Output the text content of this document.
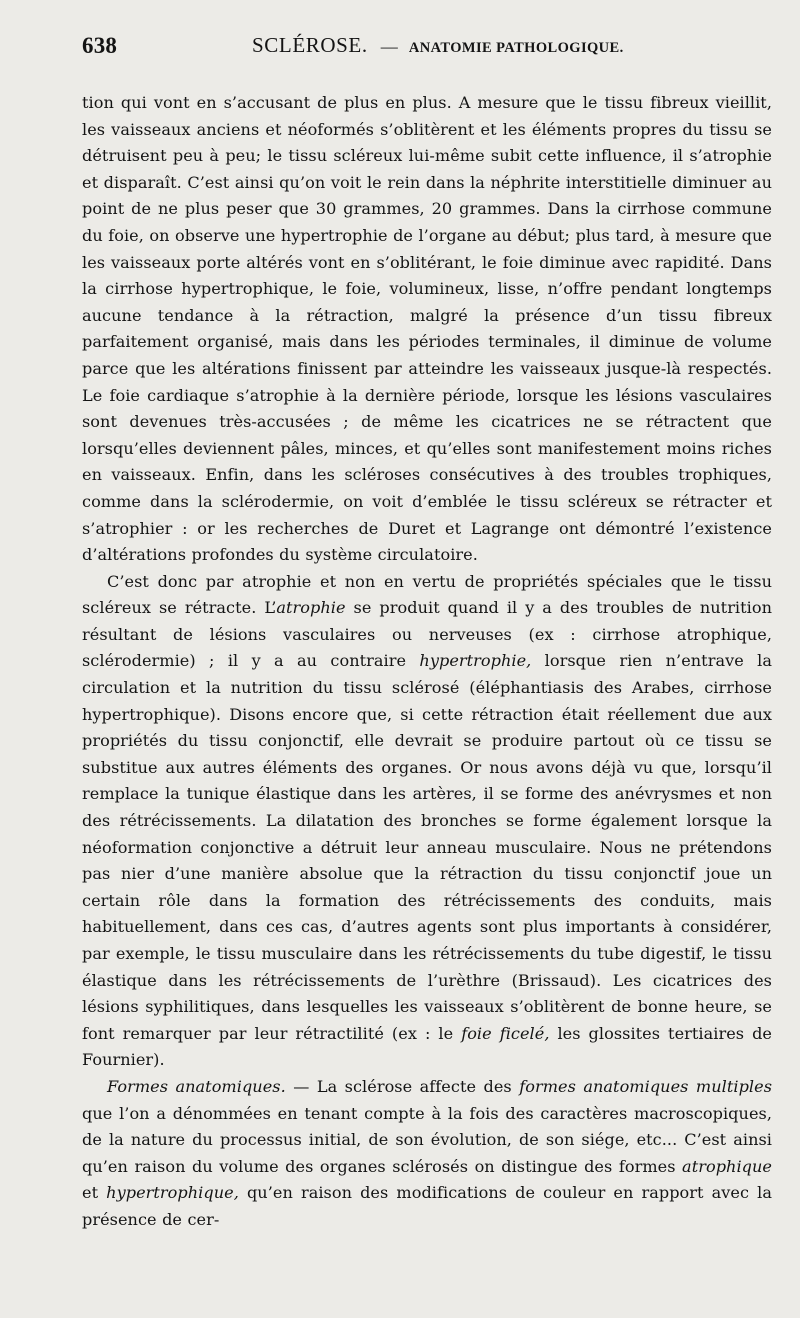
638	SCLÉROSE. — ANATOMIE PATHOLOGIQUE.

tion qui vont en s’accusant de plus en plus. A mesure que le tissu fibreux vieillit, les vaisseaux anciens et néoformés s’oblitèrent et les éléments propres du tissu se détruisent peu à peu; le tissu scléreux lui-même subit cette influence, il s’atrophie et disparaît. C’est ainsi qu’on voit le rein dans la néphrite interstitielle diminuer au point de ne plus peser que 30 grammes, 20 grammes. Dans la cirrhose commune du foie, on observe une hypertrophie de l’organe au début; plus tard, à mesure que les vaisseaux porte altérés vont en s’oblitérant, le foie diminue avec rapidité. Dans la cirrhose hypertrophique, le foie, volumineux, lisse, n’offre pendant longtemps aucune tendance à la rétraction, malgré la présence d’un tissu fibreux parfaitement organisé, mais dans les périodes terminales, il diminue de volume parce que les altérations finissent par atteindre les vaisseaux jusque-là respectés. Le foie cardiaque s’atrophie à la dernière période, lorsque les lésions vasculaires sont devenues très-accusées ; de même les cicatrices ne se rétractent que lorsqu’elles deviennent pâles, minces, et qu’elles sont manifestement moins riches en vaisseaux. Enfin, dans les scléroses consécutives à des troubles trophiques, comme dans la sclérodermie, on voit d’emblée le tissu scléreux se rétracter et s’atrophier : or les recherches de Duret et Lagrange ont démontré l’existence d’altérations profondes du système circulatoire.

C’est donc par atrophie et non en vertu de propriétés spéciales que le tissu scléreux se rétracte. L’atrophie se produit quand il y a des troubles de nutrition résultant de lésions vasculaires ou nerveuses (ex : cirrhose atrophique, sclérodermie) ; il y a au contraire hypertrophie, lorsque rien n’entrave la circulation et la nutrition du tissu sclérosé (éléphantiasis des Arabes, cirrhose hypertrophique). Disons encore que, si cette rétraction était réellement due aux propriétés du tissu conjonctif, elle devrait se produire partout où ce tissu se substitue aux autres éléments des organes. Or nous avons déjà vu que, lorsqu’il remplace la tunique élastique dans les artères, il se forme des anévrysmes et non des rétrécissements. La dilatation des bronches se forme également lorsque la néoformation conjonctive a détruit leur anneau musculaire. Nous ne prétendons pas nier d’une manière absolue que la rétraction du tissu conjonctif joue un certain rôle dans la formation des rétrécissements des conduits, mais habituellement, dans ces cas, d’autres agents sont plus importants à considérer, par exemple, le tissu musculaire dans les rétrécissements du tube digestif, le tissu élastique dans les rétrécissements de l’urèthre (Brissaud). Les cicatrices des lésions syphilitiques, dans lesquelles les vaisseaux s’oblitèrent de bonne heure, se font remarquer par leur rétractilité (ex : le foie ficelé, les glossites tertiaires de Fournier).

Formes anatomiques. — La sclérose affecte des formes anatomiques multiples que l’on a dénommées en tenant compte à la fois des caractères macroscopiques, de la nature du processus initial, de son évolution, de son siége, etc... C’est ainsi qu’en raison du volume des organes sclérosés on distingue des formes atrophique et hypertrophique, qu’en raison des modifications de couleur en rapport avec la présence de cer-
